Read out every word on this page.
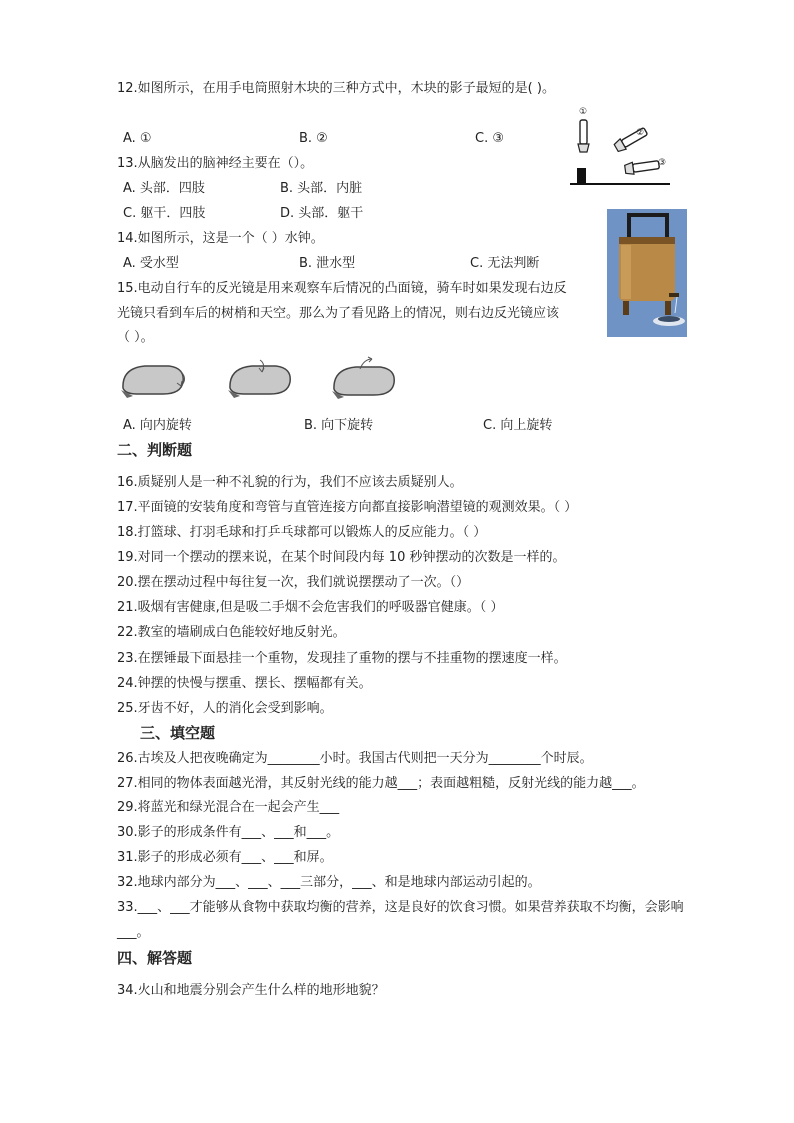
12.如图所示，在用手电筒照射木块的三种方式中，木块的影子最短的是( )。
A. ①	B. ②	C. ③
①
②
③
13.从脑发出的脑神经主要在（）。
A. 头部．四肢	B. 头部．内脏
C. 躯干．四肢	D. 头部．躯干
14.如图所示，这是一个（ ）水钟。
A. 受水型	B. 泄水型	C. 无法判断
15.电动自行车的反光镜是用来观察车后情况的凸面镜，骑车时如果发现右边反
光镜只看到车后的树梢和天空。那么为了看见路上的情况，则右边反光镜应该
（ ）。
A. 向内旋转	B. 向下旋转	C. 向上旋转
二、判断题
16.质疑别人是一种不礼貌的行为，我们不应该去质疑别人。
17.平面镜的安装角度和弯管与直管连接方向都直接影响潜望镜的观测效果。（ ）
18.打篮球、打羽毛球和打乒乓球都可以锻炼人的反应能力。（ ）
19.对同一个摆动的摆来说，在某个时间段内每 10 秒钟摆动的次数是一样的。
20.摆在摆动过程中每往复一次，我们就说摆摆动了一次。（）
21.吸烟有害健康,但是吸二手烟不会危害我们的呼吸器官健康。（ ）
22.教室的墙刷成白色能较好地反射光。
23.在摆锤最下面悬挂一个重物，发现挂了重物的摆与不挂重物的摆速度一样。
24.钟摆的快慢与摆重、摆长、摆幅都有关。
25.牙齿不好，人的消化会受到影响。
三、填空题
26.古埃及人把夜晚确定为________小时。我国古代则把一天分为________个时辰。
27.相同的物体表面越光滑，其反射光线的能力越___；表面越粗糙，反射光线的能力越___。
29.将蓝光和绿光混合在一起会产生___
30.影子的形成条件有___、___和___。
31.影子的形成必须有___、___和屏。
32.地球内部分为___、___、___三部分，___、和是地球内部运动引起的。
33.___、___才能够从食物中获取均衡的营养，这是良好的饮食习惯。如果营养获取不均衡，会影响
___。
四、解答题
34.火山和地震分别会产生什么样的地形地貌？
